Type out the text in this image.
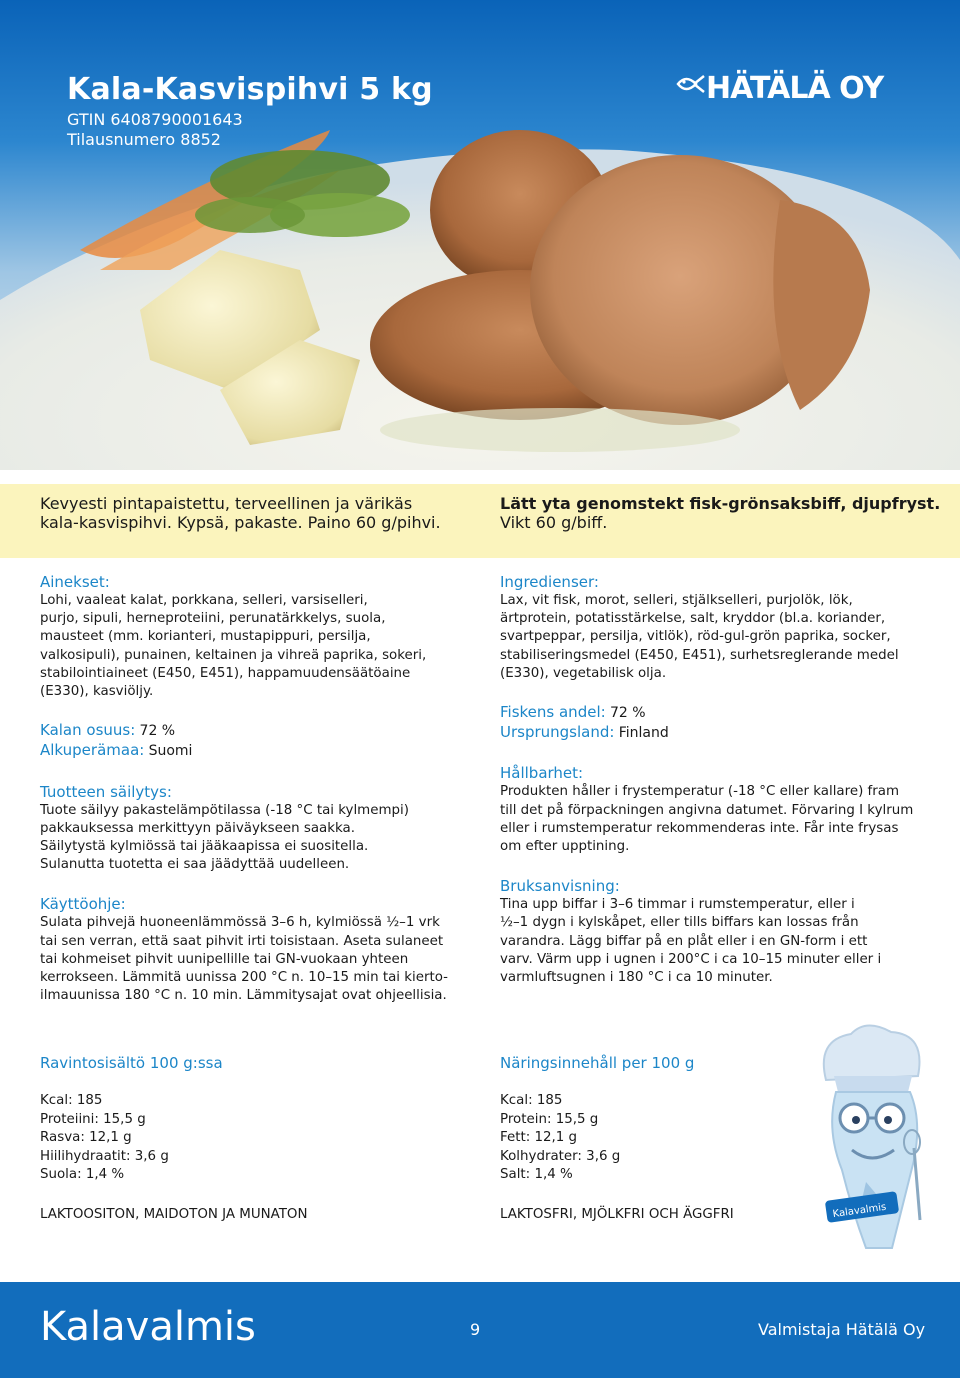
Kala-Kasvispihvi 5 kg
GTIN 6408790001643
Tilausnumero 8852
HÄTÄLÄ OY
Kevyesti pintapaistettu, terveellinen ja värikäs
kala-kasvispihvi. Kypsä, pakaste. Paino 60 g/pihvi.
Lätt yta genomstekt fisk-grönsaksbiff, djupfryst.
Vikt 60 g/biff.
Ainekset:
Lohi, vaaleat kalat, porkkana, selleri, varsiselleri,
purjo, sipuli, herneproteiini, perunatärkkelys, suola,
mausteet (mm. korianteri, mustapippuri, persilja,
valkosipuli), punainen, keltainen ja vihreä paprika, sokeri,
stabilointiaineet (E450, E451), happamuudensäätöaine
(E330), kasviöljy.
Kalan osuus: 72 %
Alkuperämaa: Suomi
Tuotteen säilytys:
Tuote säilyy pakastelämpötilassa (-18 °C tai kylmempi)
pakkauksessa merkittyyn päiväykseen saakka.
Säilytystä kylmiössä tai jääkaapissa ei suositella.
Sulanutta tuotetta ei saa jäädyttää uudelleen.
Käyttöohje:
Sulata pihvejä huoneenlämmössä 3–6 h, kylmiössä ½–1 vrk
tai sen verran, että saat pihvit irti toisistaan. Aseta sulaneet
tai kohmeiset pihvit uunipellille tai GN-vuokaan yhteen
kerrokseen. Lämmitä uunissa 200 °C n. 10–15 min tai kierto-
ilmauunissa 180 °C n. 10 min. Lämmitysajat ovat ohjeellisia.
Ingredienser:
Lax, vit fisk, morot, selleri, stjälkselleri, purjolök, lök,
ärtprotein, potatisstärkelse, salt, kryddor (bl.a. koriander,
svartpeppar, persilja, vitlök), röd-gul-grön paprika, socker,
stabiliseringsmedel (E450, E451), surhetsreglerande medel
(E330), vegetabilisk olja.
Fiskens andel: 72 %
Ursprungsland: Finland
Hållbarhet:
Produkten håller i frystemperatur (-18 °C eller kallare) fram
till det på förpackningen angivna datumet. Förvaring I kylrum
eller i rumstemperatur rekommenderas inte. Får inte frysas
om efter upptining.
Bruksanvisning:
Tina upp biffar i 3–6 timmar i rumstemperatur, eller i
½–1 dygn i kylskåpet, eller tills biffars kan lossas från
varandra. Lägg biffar på en plåt eller i en GN-form i ett
varv. Värm upp i ugnen i 200°C i ca 10–15 minuter eller i
varmluftsugnen i 180 °C i ca 10 minuter.
Ravintosisältö 100 g:ssa
Kcal: 185
Proteiini: 15,5 g
Rasva: 12,1 g
Hiilihydraatit: 3,6 g
Suola: 1,4 %
LAKTOOSITON, MAIDOTON JA MUNATON
Näringsinnehåll per 100 g
Kcal: 185
Protein: 15,5 g
Fett: 12,1 g
Kolhydrater: 3,6 g
Salt: 1,4 %
LAKTOSFRI, MJÖLKFRI OCH ÄGGFRI	Kalavalmis
Kalavalmis	9	Valmistaja Hätälä Oy
